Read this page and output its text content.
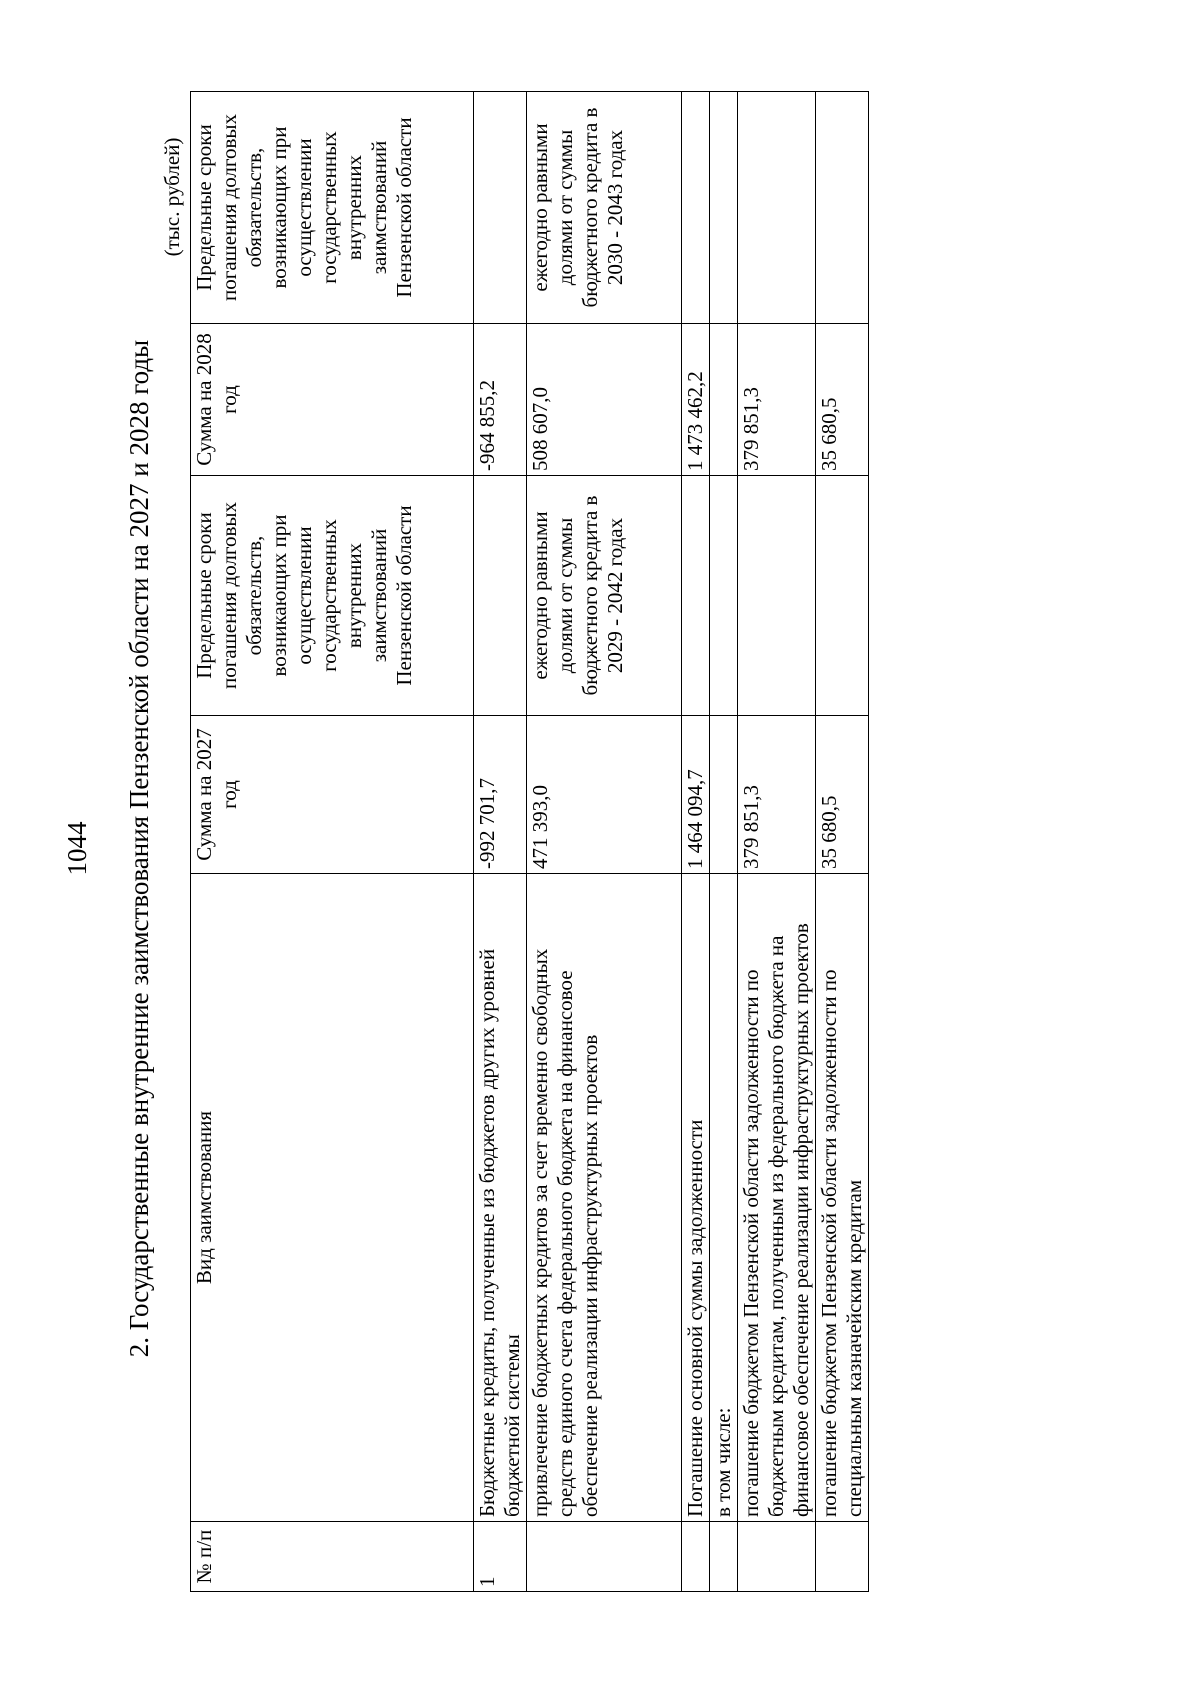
1044 2. Государственные внутренние заимствования Пензенской области на 2027 и 2028 годы
(тыс. рублей)
№ п/п	Вид заимствования	Сумма на 2027 год	Предельные сроки погашения долговых обязательств, возникающих при осуществлении государственных внутренних заимствований Пензенской области	Сумма на 2028 год	Предельные сроки погашения долговых обязательств, возникающих при осуществлении государственных внутренних заимствований Пензенской области
1	Бюджетные кредиты, полученные из бюджетов других уровней бюджетной системы	-992 701,7		-964 855,2	
	привлечение бюджетных кредитов за счет временно свободных средств единого счета федерального бюджета на финансовое обеспечение реализации инфраструктурных проектов	471 393,0	ежегодно равными долями от суммы бюджетного кредита в 2029 - 2042 годах	508 607,0	ежегодно равными долями от суммы бюджетного кредита в 2030 - 2043 годах
	Погашение основной суммы задолженности	1 464 094,7		1 473 462,2	
	в том числе:				
	погашение бюджетом Пензенской области задолженности по бюджетным кредитам, полученным из федерального бюджета на финансовое обеспечение реализации инфраструктурных проектов	379 851,3		379 851,3	
	погашение бюджетом Пензенской области задолженности по специальным казначейским кредитам	35 680,5		35 680,5	
